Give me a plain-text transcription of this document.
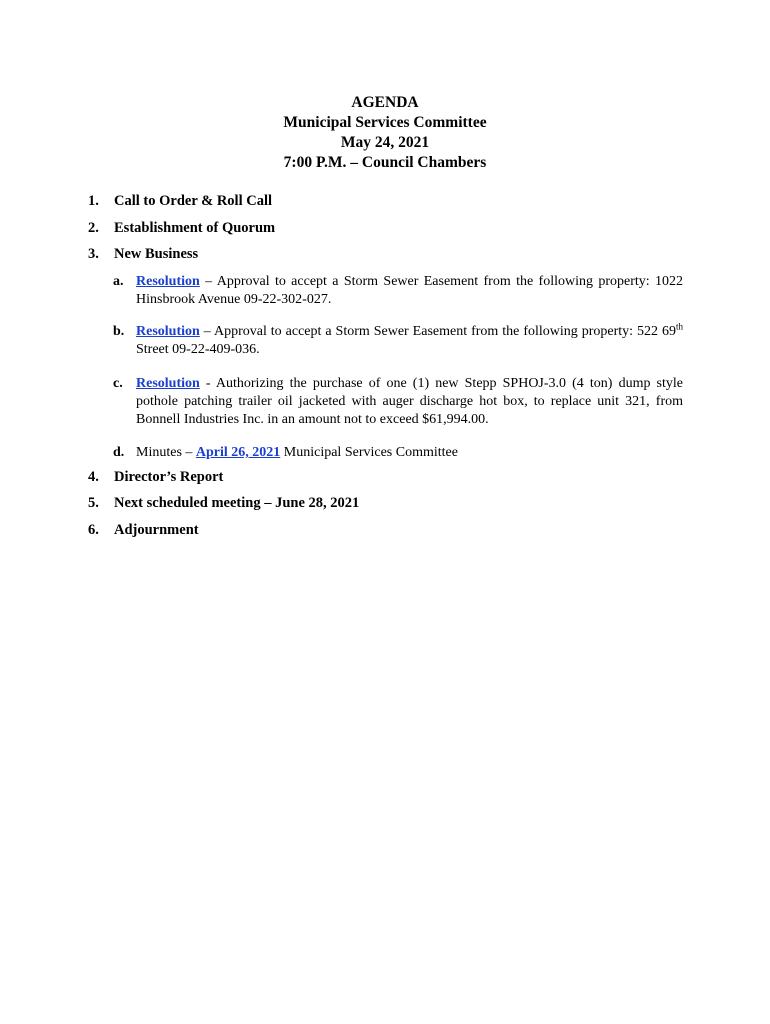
AGENDA
Municipal Services Committee
May 24, 2021
7:00 P.M. – Council Chambers
1. Call to Order & Roll Call
2. Establishment of Quorum
3. New Business
a. Resolution – Approval to accept a Storm Sewer Easement from the following property: 1022 Hinsbrook Avenue 09-22-302-027.
b. Resolution – Approval to accept a Storm Sewer Easement from the following property: 522 69th Street 09-22-409-036.
c. Resolution - Authorizing the purchase of one (1) new Stepp SPHOJ-3.0 (4 ton) dump style pothole patching trailer oil jacketed with auger discharge hot box, to replace unit 321, from Bonnell Industries Inc. in an amount not to exceed $61,994.00.
d. Minutes – April 26, 2021 Municipal Services Committee
4. Director’s Report
5. Next scheduled meeting – June 28, 2021
6. Adjournment
